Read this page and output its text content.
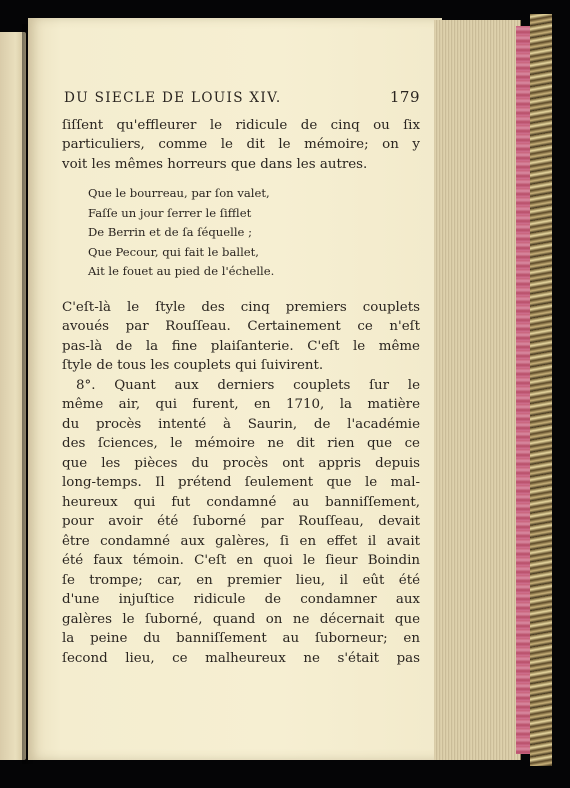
DU SIECLE DE LOUIS XIV.	179
ſiſſent qu'effleurer le ridicule de cinq ou ſix
particuliers, comme le dit le mémoire; on y
voit les mêmes horreurs que dans les autres.
Que le bourreau, par ſon valet,
Faſſe un jour ſerrer le ſifflet
De Berrin et de ſa ſéquelle ;
Que Pecour, qui fait le ballet,
Ait le fouet au pied de l'échelle.
C'eſt-là le ſtyle des cinq premiers couplets
avoués par Rouſſeau. Certainement ce n'eſt
pas-là de la fine plaiſanterie. C'eſt le même
ſtyle de tous les couplets qui ſuivirent.
8°. Quant aux derniers couplets ſur le
même air, qui furent, en 1710, la matière
du procès intenté à Saurin, de l'académie
des ſciences, le mémoire ne dit rien que ce
que les pièces du procès ont appris depuis
long-temps. Il prétend ſeulement que le mal-
heureux qui fut condamné au banniſſement,
pour avoir été ſuborné par Rouſſeau, devait
être condamné aux galères, ſi en effet il avait
été faux témoin. C'eſt en quoi le ſieur Boindin
ſe trompe; car, en premier lieu, il eût été
d'une injuſtice ridicule de condamner aux
galères le ſuborné, quand on ne décernait que
la peine du banniſſement au ſuborneur; en
ſecond lieu, ce malheureux ne s'était pas
